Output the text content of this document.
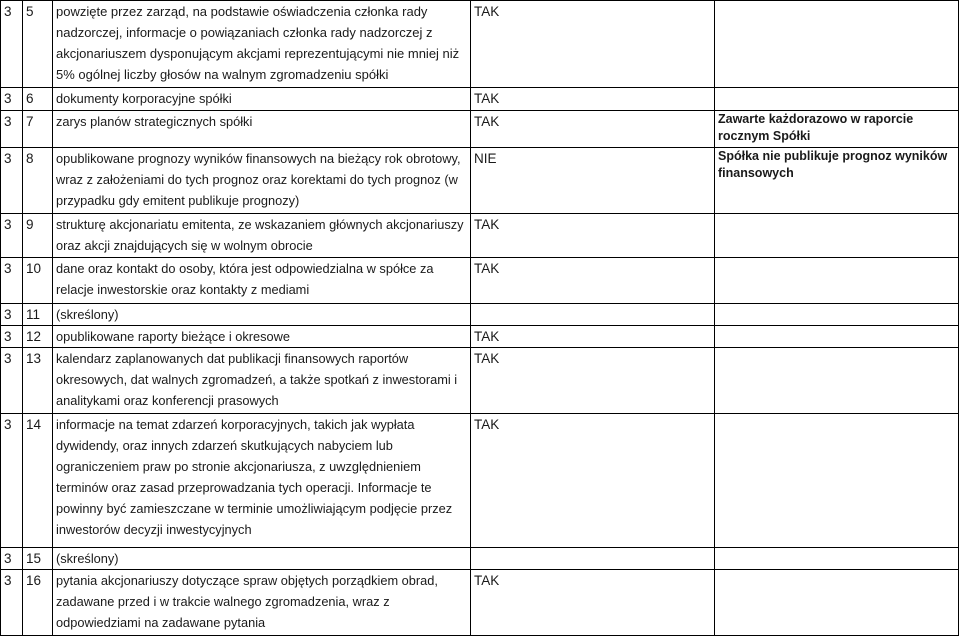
3	5	powzięte przez zarząd, na podstawie oświadczenia członka rady nadzorczej, informacje o powiązaniach członka rady nadzorczej z akcjonariuszem dysponującym akcjami reprezentującymi nie mniej niż 5% ogólnej liczby głosów na walnym zgromadzeniu spółki	TAK	
3	6	dokumenty korporacyjne spółki	TAK	
3	7	zarys planów strategicznych spółki	TAK	Zawarte każdorazowo w raporcie rocznym Spółki
3	8	opublikowane prognozy wyników finansowych na bieżący rok obrotowy, wraz z założeniami do tych prognoz oraz korektami do tych prognoz (w przypadku gdy emitent publikuje prognozy)	NIE	Spółka nie publikuje prognoz wyników finansowych
3	9	strukturę akcjonariatu emitenta, ze wskazaniem głównych akcjonariuszy oraz akcji znajdujących się w wolnym obrocie	TAK	
3	10	dane oraz kontakt do osoby, która jest odpowiedzialna w spółce za relacje inwestorskie oraz kontakty z mediami	TAK	
3	11	(skreślony)		
3	12	opublikowane raporty bieżące i okresowe	TAK	
3	13	kalendarz zaplanowanych dat publikacji finansowych raportów okresowych, dat walnych zgromadzeń, a także spotkań z inwestorami i analitykami oraz konferencji prasowych	TAK	
3	14	informacje na temat zdarzeń korporacyjnych, takich jak wypłata dywidendy, oraz innych zdarzeń skutkujących nabyciem lub ograniczeniem praw po stronie akcjonariusza, z uwzględnieniem terminów oraz zasad przeprowadzania tych operacji. Informacje te powinny być zamieszczane w terminie umożliwiającym podjęcie przez inwestorów decyzji inwestycyjnych	TAK	
3	15	(skreślony)		
3	16	pytania akcjonariuszy dotyczące spraw objętych porządkiem obrad, zadawane przed i w trakcie walnego zgromadzenia, wraz z odpowiedziami na zadawane pytania	TAK	
